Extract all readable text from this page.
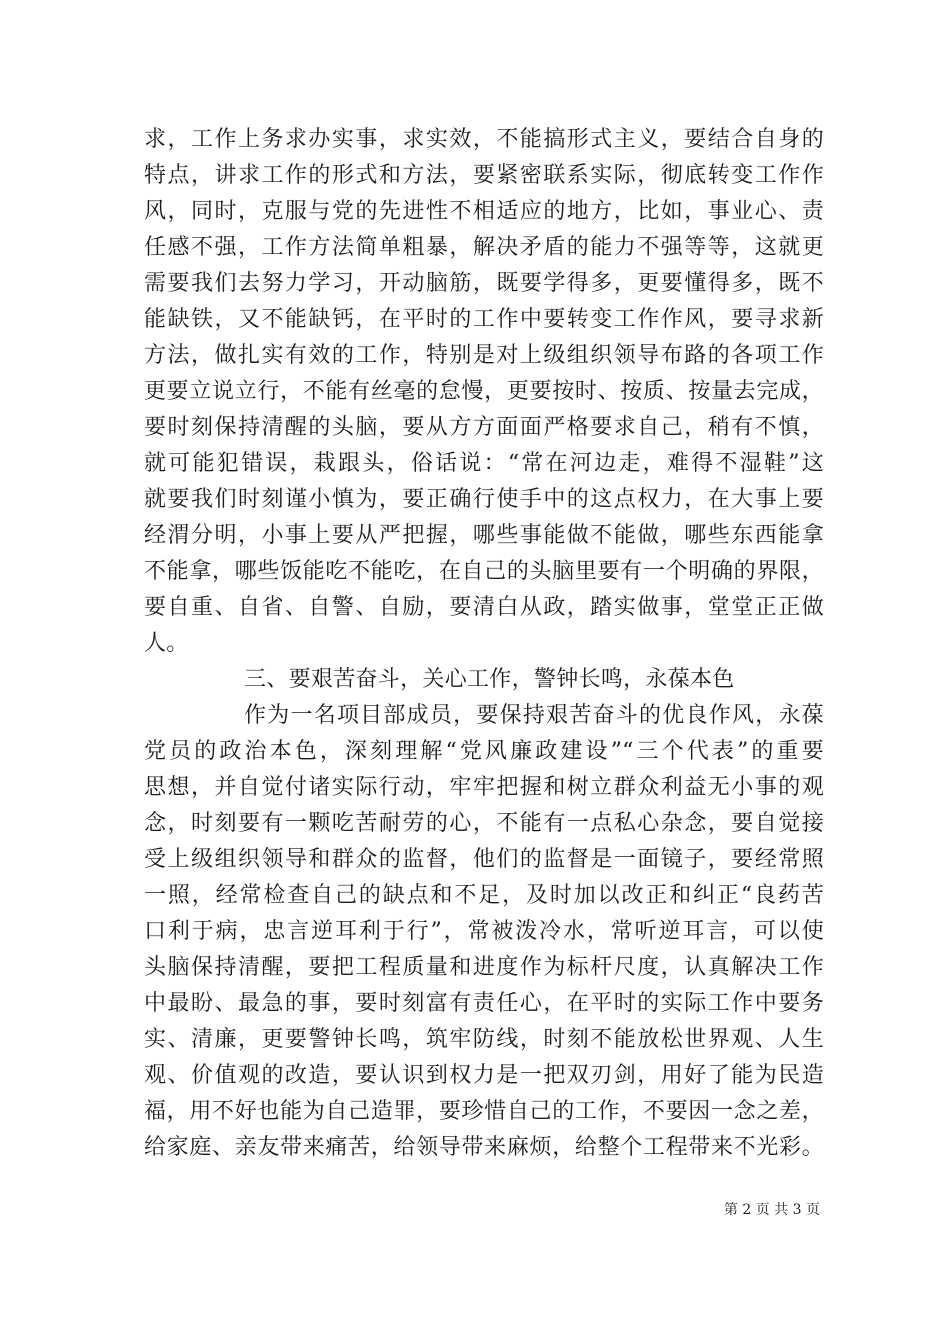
求，工作上务求办实事，求实效，不能搞形式主义，要结合自身的
特点，讲求工作的形式和方法，要紧密联系实际，彻底转变工作作
风，同时，克服与党的先进性不相适应的地方，比如，事业心、责
任感不强，工作方法简单粗暴，解决矛盾的能力不强等等，这就更
需要我们去努力学习，开动脑筋，既要学得多，更要懂得多，既不
能缺铁，又不能缺钙，在平时的工作中要转变工作作风，要寻求新
方法，做扎实有效的工作，特别是对上级组织领导布路的各项工作
更要立说立行，不能有丝毫的怠慢，更要按时、按质、按量去完成，
要时刻保持清醒的头脑，要从方方面面严格要求自己，稍有不慎，
就可能犯错误，栽跟头，俗话说：“常在河边走，难得不湿鞋”这
就要我们时刻谨小慎为，要正确行使手中的这点权力，在大事上要
经渭分明，小事上要从严把握，哪些事能做不能做，哪些东西能拿
不能拿，哪些饭能吃不能吃，在自己的头脑里要有一个明确的界限，
要自重、自省、自警、自励，要清白从政，踏实做事，堂堂正正做
人。
三、要艰苦奋斗，关心工作，警钟长鸣，永葆本色
作为一名项目部成员，要保持艰苦奋斗的优良作风，永葆
党员的政治本色，深刻理解“党风廉政建设”“三个代表”的重要
思想，并自觉付诸实际行动，牢牢把握和树立群众利益无小事的观
念，时刻要有一颗吃苦耐劳的心，不能有一点私心杂念，要自觉接
受上级组织领导和群众的监督，他们的监督是一面镜子，要经常照
一照，经常检查自己的缺点和不足，及时加以改正和纠正“良药苦
口利于病，忠言逆耳利于行”，常被泼冷水，常听逆耳言，可以使
头脑保持清醒，要把工程质量和进度作为标杆尺度，认真解决工作
中最盼、最急的事，要时刻富有责任心，在平时的实际工作中要务
实、清廉，更要警钟长鸣，筑牢防线，时刻不能放松世界观、人生
观、价值观的改造，要认识到权力是一把双刃剑，用好了能为民造
福，用不好也能为自己造罪，要珍惜自己的工作，不要因一念之差，
给家庭、亲友带来痛苦，给领导带来麻烦，给整个工程带来不光彩。
第 2 页 共 3 页
